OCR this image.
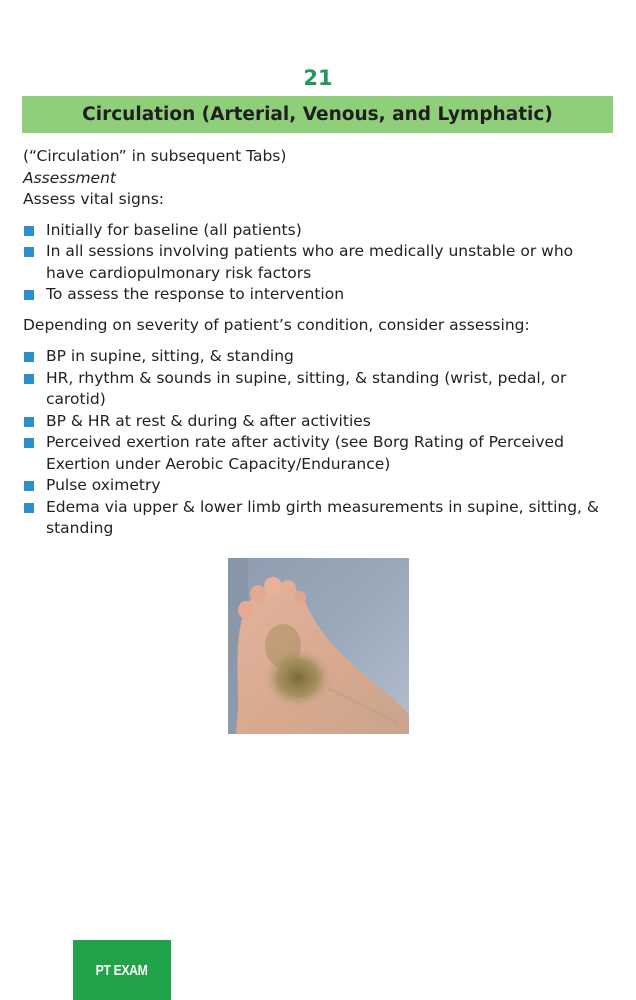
21
Circulation (Arterial, Venous, and Lymphatic)

(“Circulation” in subsequent Tabs)

Assessment

Assess vital signs:

Initially for baseline (all patients)
In all sessions involving patients who are medically unstable or who have cardiopulmonary risk factors
To assess the response to intervention

Depending on severity of patient’s condition, consider assessing:

BP in supine, sitting, & standing
HR, rhythm & sounds in supine, sitting, & standing (wrist, pedal, or carotid)
BP & HR at rest & during & after activities
Perceived exertion rate after activity (see Borg Rating of Perceived Exertion under Aerobic Capacity/Endurance)
Pulse oximetry
Edema via upper & lower limb girth measurements in supine, sitting, & standing
PT EXAM
